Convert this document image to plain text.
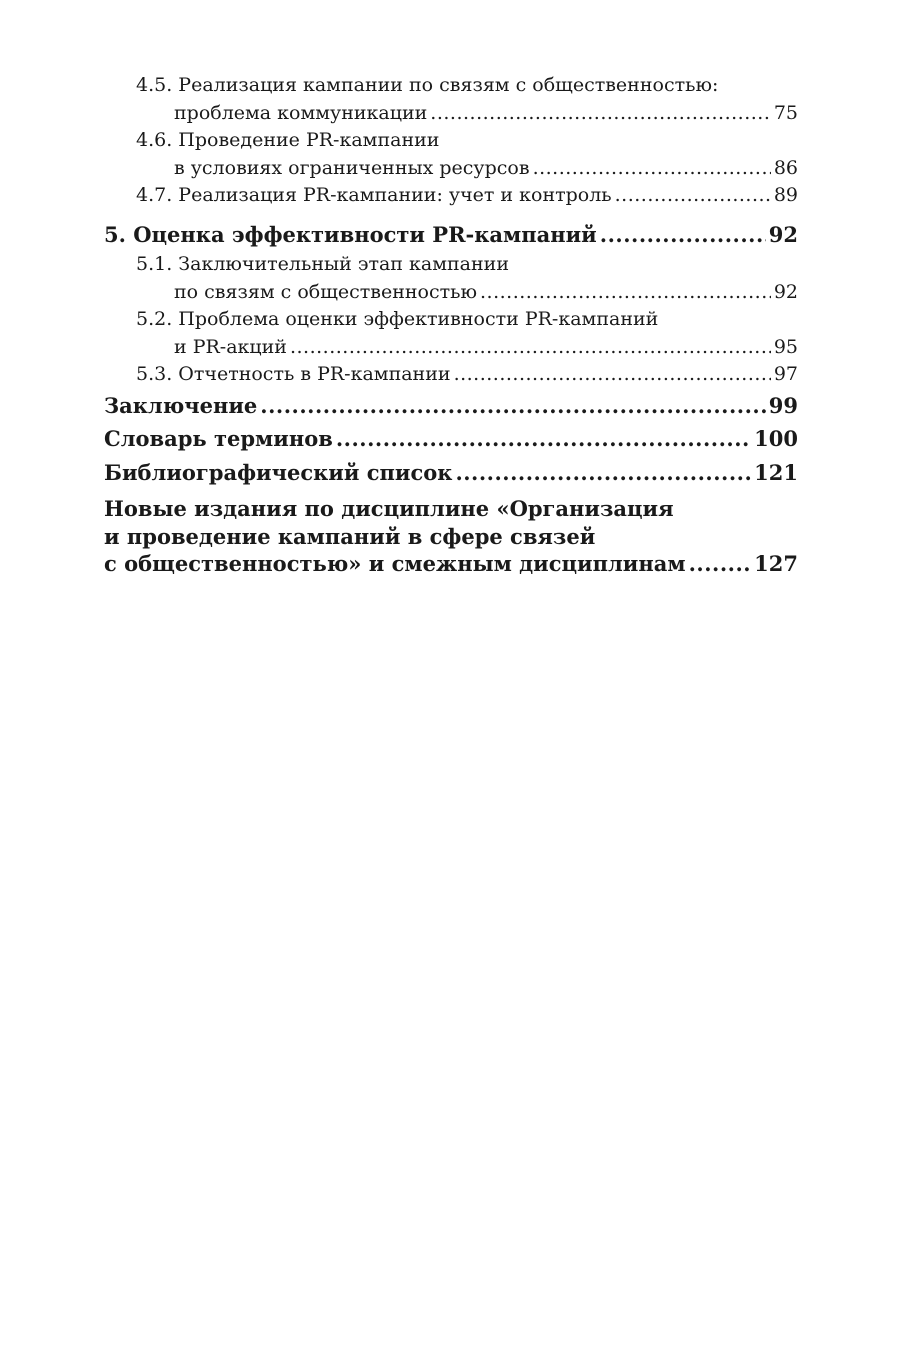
4.5. Реализация кампании по связям с общественностью:
проблема коммуникации .....	75
4.6. Проведение PR-кампании
в условиях ограниченных ресурсов .....	86
4.7. Реализация PR-кампании: учет и контроль .....	89
5. Оценка эффективности PR-кампаний .....	92
5.1. Заключительный этап кампании
по связям с общественностью .....	92
5.2. Проблема оценки эффективности PR-кампаний
и PR-акций .....	95
5.3. Отчетность в PR-кампании .....	97
Заключение .....	99
Словарь терминов .....	100
Библиографический список .....	121
Новые издания по дисциплине «Организация
и проведение кампаний в сфере связей
с общественностью» и смежным дисциплинам .....	127
